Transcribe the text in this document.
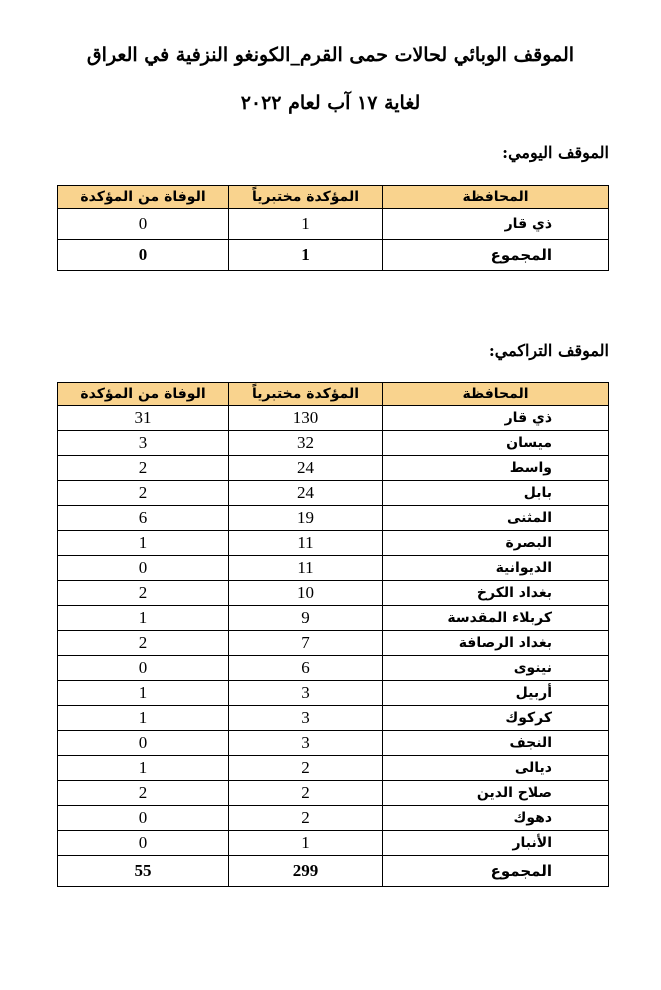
الموقف الوبائي لحالات حمى القرم_الكونغو النزفية في العراق
لغاية ١٧ آب لعام ٢٠٢٢
الموقف اليومي:
المحافظة	المؤكدة مختبرياً	الوفاة من المؤكدة
ذي قار	1	0
المجموع	1	0
الموقف التراكمي:
المحافظة	المؤكدة مختبرياً	الوفاة من المؤكدة
ذي قار	130	31
ميسان	32	3
واسط	24	2
بابل	24	2
المثنى	19	6
البصرة	11	1
الديوانية	11	0
بغداد الكرخ	10	2
كربلاء المقدسة	9	1
بغداد الرصافة	7	2
نينوى	6	0
أربيل	3	1
كركوك	3	1
النجف	3	0
ديالى	2	1
صلاح الدين	2	2
دهوك	2	0
الأنبار	1	0
المجموع	299	55
